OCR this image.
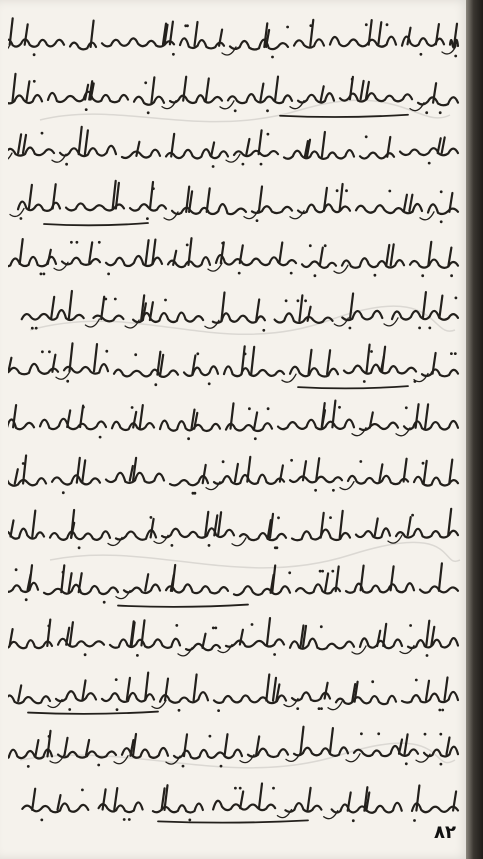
٨٢
